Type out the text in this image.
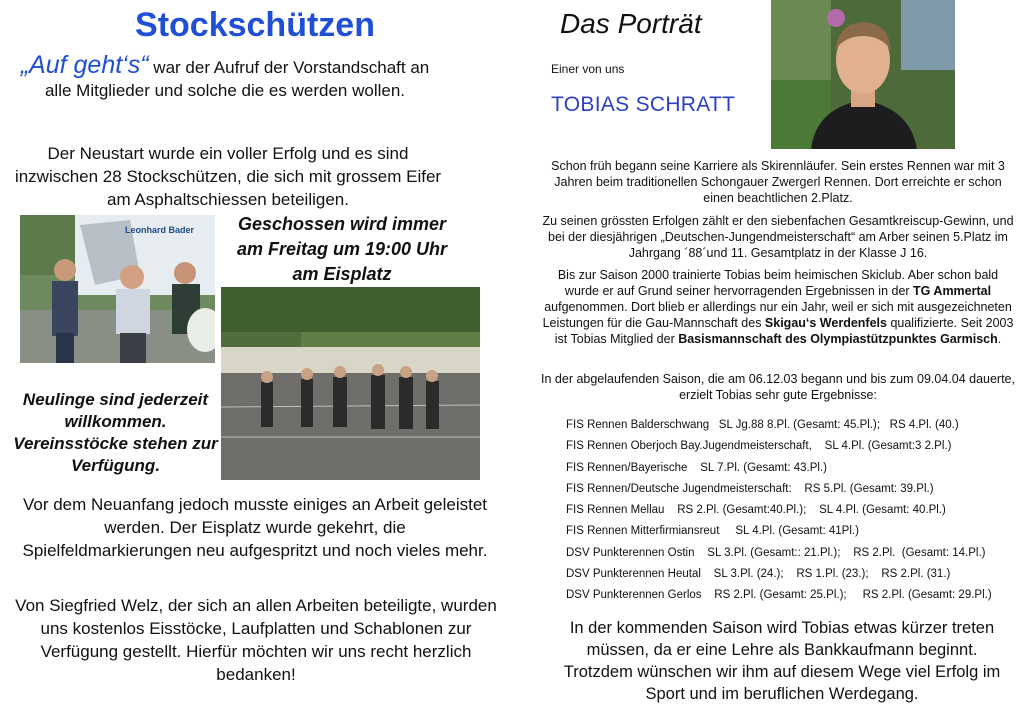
Stockschützen
„Auf geht‘s“ war der Aufruf der Vorstandschaft an alle Mitglieder und solche die es werden wollen.
Der Neustart wurde ein voller Erfolg und es sind inzwischen 28 Stockschützen, die sich mit grossem Eifer am Asphaltschiessen beteiligen.
Leonhard Bader	Geschossen wird immer am Freitag um 19:00 Uhr am Eisplatz
Neulinge sind jederzeit willkommen. Vereinsstöcke stehen zur Verfügung.
Vor dem Neuanfang jedoch musste einiges an Arbeit geleistet werden. Der Eisplatz wurde gekehrt, die Spielfeldmarkierungen neu aufgespritzt und noch vieles mehr.
Von Siegfried Welz, der sich an allen Arbeiten beteiligte, wurden uns kostenlos Eisstöcke, Laufplatten und Schablonen zur Verfügung gestellt. Hierfür möchten wir uns recht herzlich bedanken!
Das Porträt
Einer von uns
TOBIAS SCHRATT
Schon früh begann seine Karriere als Skirennläufer. Sein erstes Rennen war mit 3 Jahren beim traditionellen Schongauer Zwergerl Rennen. Dort erreichte er schon einen beachtlichen 2.Platz.
Zu seinen grössten Erfolgen zählt er den siebenfachen Gesamtkreiscup-Gewinn, und bei der diesjährigen „Deutschen-Jungendmeisterschaft“ am Arber seinen 5.Platz im Jahrgang ´88´und 11. Gesamtplatz in der Klasse J 16.
Bis zur Saison 2000 trainierte Tobias beim heimischen Skiclub. Aber schon bald wurde er auf Grund seiner hervorragenden Ergebnissen in der TG Ammertal aufgenommen. Dort blieb er allerdings nur ein Jahr, weil er sich mit ausgezeichneten Leistungen für die Gau-Mannschaft des Skigau‘s Werdenfels qualifizierte. Seit 2003 ist Tobias Mitglied der Basismannschaft des Olympiastützpunktes Garmisch.
In der abgelaufenden Saison, die am 06.12.03 begann und bis zum 09.04.04 dauerte, erzielt Tobias sehr gute Ergebnisse:
FIS Rennen Balderschwang   SL Jg.88 8.Pl. (Gesamt: 45.Pl.);   RS 4.Pl. (40.)
FIS Rennen Oberjoch Bay.Jugendmeisterschaft,    SL 4.Pl. (Gesamt:3 2.Pl.)
FIS Rennen/Bayerische    SL 7.Pl. (Gesamt: 43.Pl.)
FIS Rennen/Deutsche Jugendmeisterschaft:    RS 5.Pl. (Gesamt: 39.Pl.)
FIS Rennen Mellau    RS 2.Pl. (Gesamt:40.Pl.);    SL 4.Pl. (Gesamt: 40.Pl.)
FIS Rennen Mitterfirmiansreut     SL 4.Pl. (Gesamt: 41Pl.)
DSV Punkterennen Ostin    SL 3.Pl. (Gesamt:: 21.Pl.);    RS 2.Pl.  (Gesamt: 14.Pl.)
DSV Punkterennen Heutal    SL 3.Pl. (24.);    RS 1.Pl. (23.);    RS 2.Pl. (31.)
DSV Punkterennen Gerlos    RS 2.Pl. (Gesamt: 25.Pl.);     RS 2.Pl. (Gesamt: 29.Pl.)
In der kommenden Saison wird Tobias etwas kürzer treten müssen, da er eine Lehre als Bankkaufmann beginnt. Trotzdem wünschen wir ihm auf diesem Wege viel Erfolg im Sport und im beruflichen Werdegang.
